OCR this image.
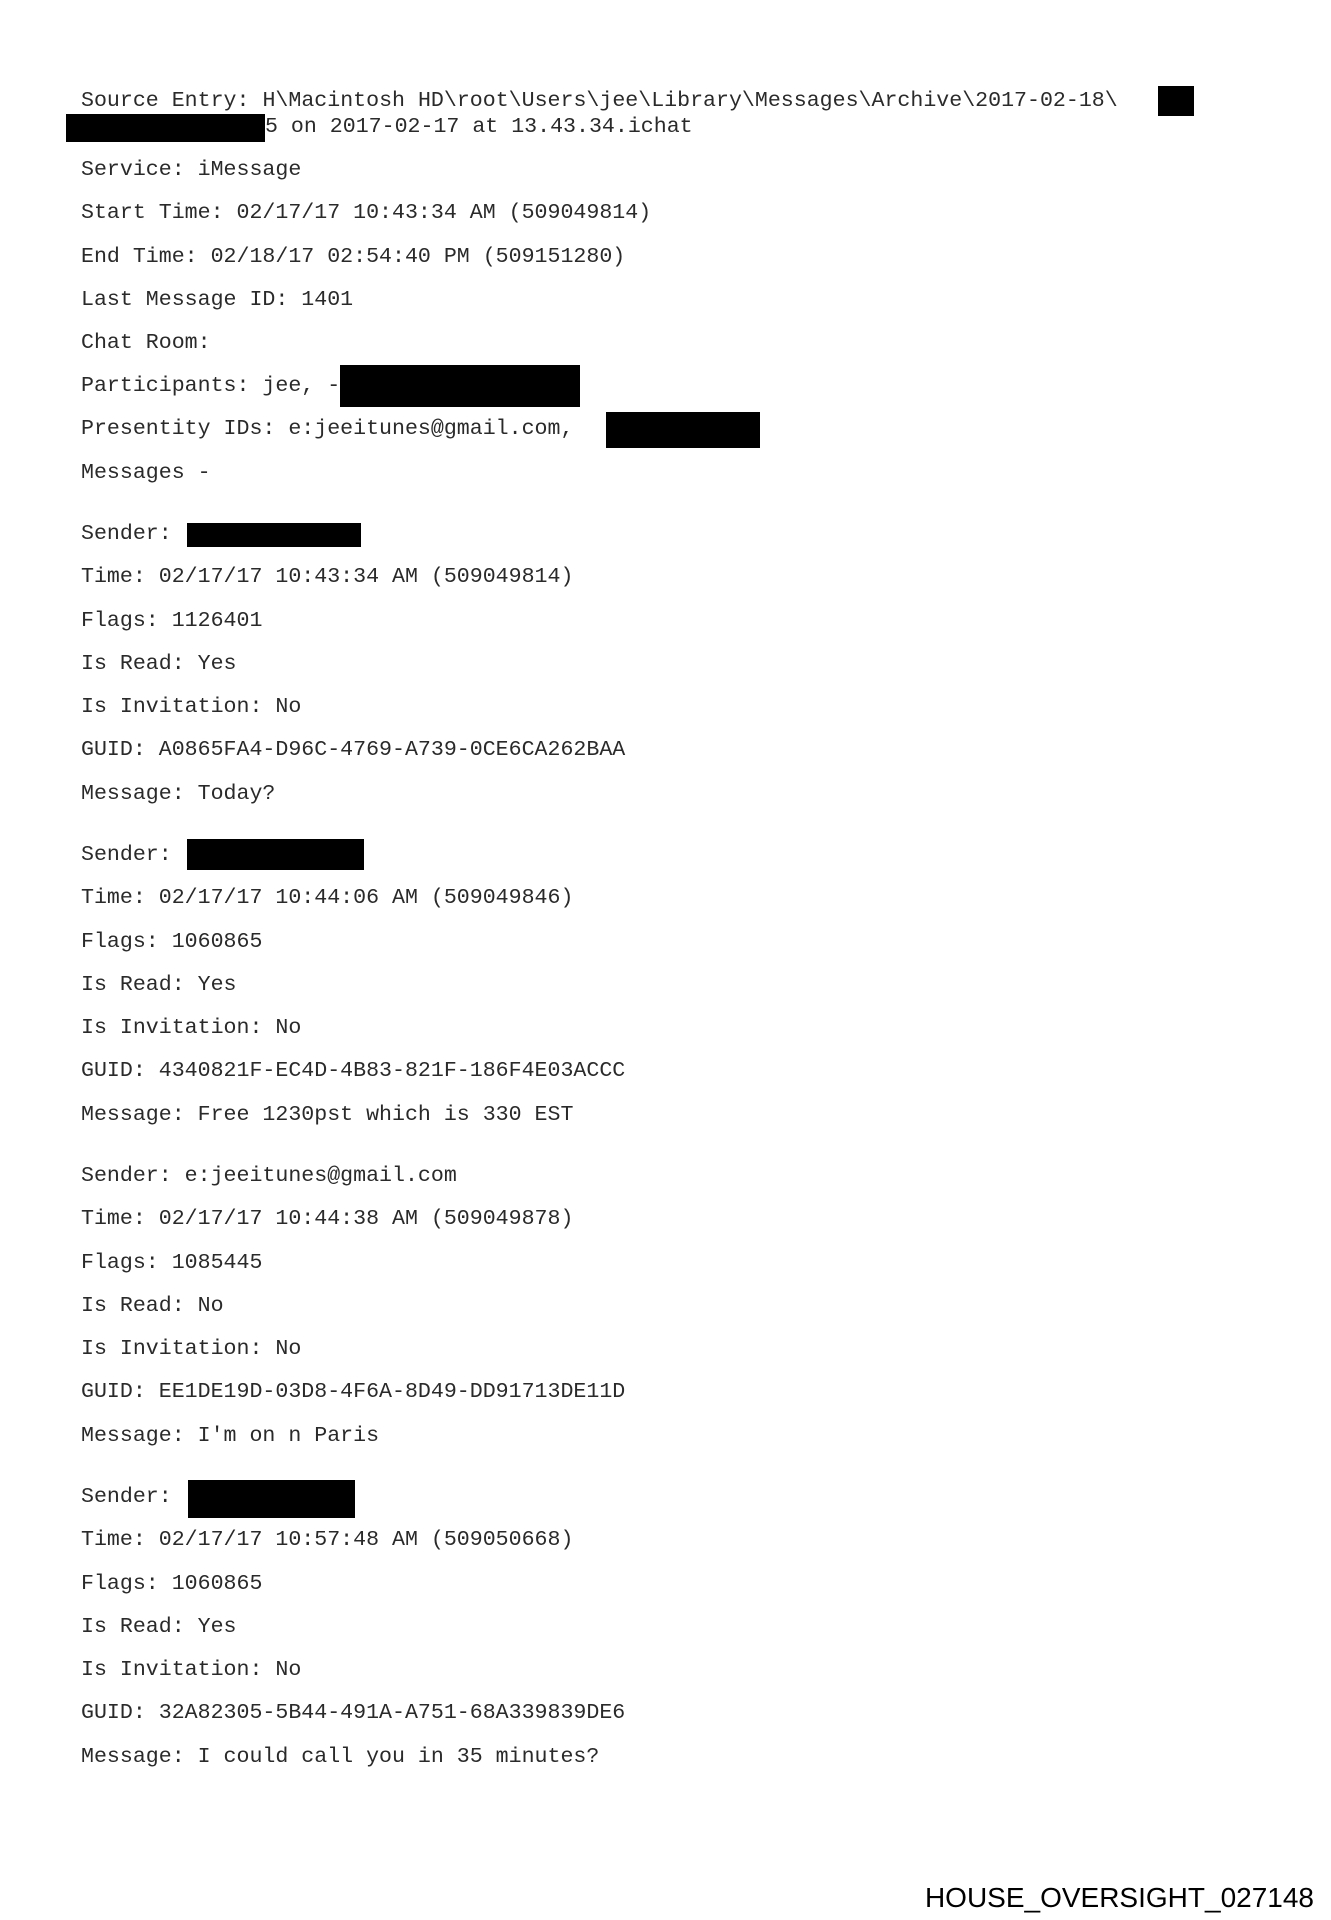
Source Entry: H\Macintosh HD\root\Users\jee\Library\Messages\Archive\2017-02-18\
5 on 2017-02-17 at 13.43.34.ichat
Service: iMessage
Start Time: 02/17/17 10:43:34 AM (509049814)
End Time: 02/18/17 02:54:40 PM (509151280)
Last Message ID: 1401
Chat Room:
Participants: jee, -
Presentity IDs: e:jeeitunes@gmail.com,
Messages -
Sender:
Time: 02/17/17 10:43:34 AM (509049814)
Flags: 1126401
Is Read: Yes
Is Invitation: No
GUID: A0865FA4-D96C-4769-A739-0CE6CA262BAA
Message: Today?
Sender:
Time: 02/17/17 10:44:06 AM (509049846)
Flags: 1060865
Is Read: Yes
Is Invitation: No
GUID: 4340821F-EC4D-4B83-821F-186F4E03ACCC
Message: Free 1230pst which is 330 EST
Sender: e:jeeitunes@gmail.com
Time: 02/17/17 10:44:38 AM (509049878)
Flags: 1085445
Is Read: No
Is Invitation: No
GUID: EE1DE19D-03D8-4F6A-8D49-DD91713DE11D
Message: I'm on n Paris
Sender:
Time: 02/17/17 10:57:48 AM (509050668)
Flags: 1060865
Is Read: Yes
Is Invitation: No
GUID: 32A82305-5B44-491A-A751-68A339839DE6
Message: I could call you in 35 minutes?
HOUSE_OVERSIGHT_027148
